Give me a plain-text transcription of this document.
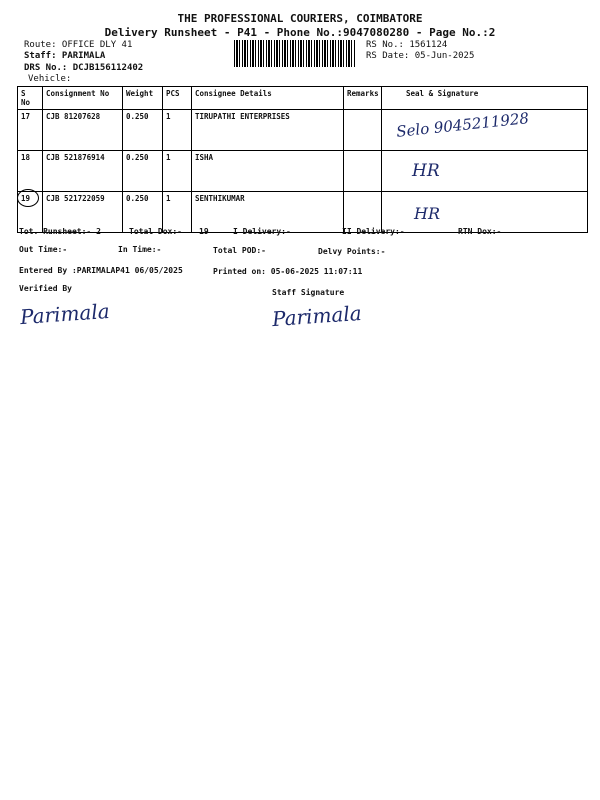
THE PROFESSIONAL COURIERS, COIMBATORE
Delivery Runsheet - P41 - Phone No.:9047080280 - Page No.:2
Route: OFFICE DLY 41
Staff: PARIMALA
DRS No.: DCJB156112402
Vehicle:
RS No.: 1561124
RS Date: 05-Jun-2025
S No	Consignment No	Weight	PCS	Consignee Details	Remarks	Seal & Signature
17	CJB 81207628	0.250	1	TIRUPATHI ENTERPRISES		Selo 9045211928

18	CJB 521876914	0.250	1	ISHA		HR

19	CJB 521722059	0.250	1	SENTHIKUMAR		HR
Tot. Runsheet:- 2	Total Dox:- 19	I Delivery:-	II Delivery:-	RTN Dox:-
Out Time:-	In Time:-	Total POD:-	Delvy Points:-
Entered By :PARIMALAP41 06/05/2025	Printed on: 05-06-2025 11:07:11
Verified By	Staff Signature
Parimala	Parimala
